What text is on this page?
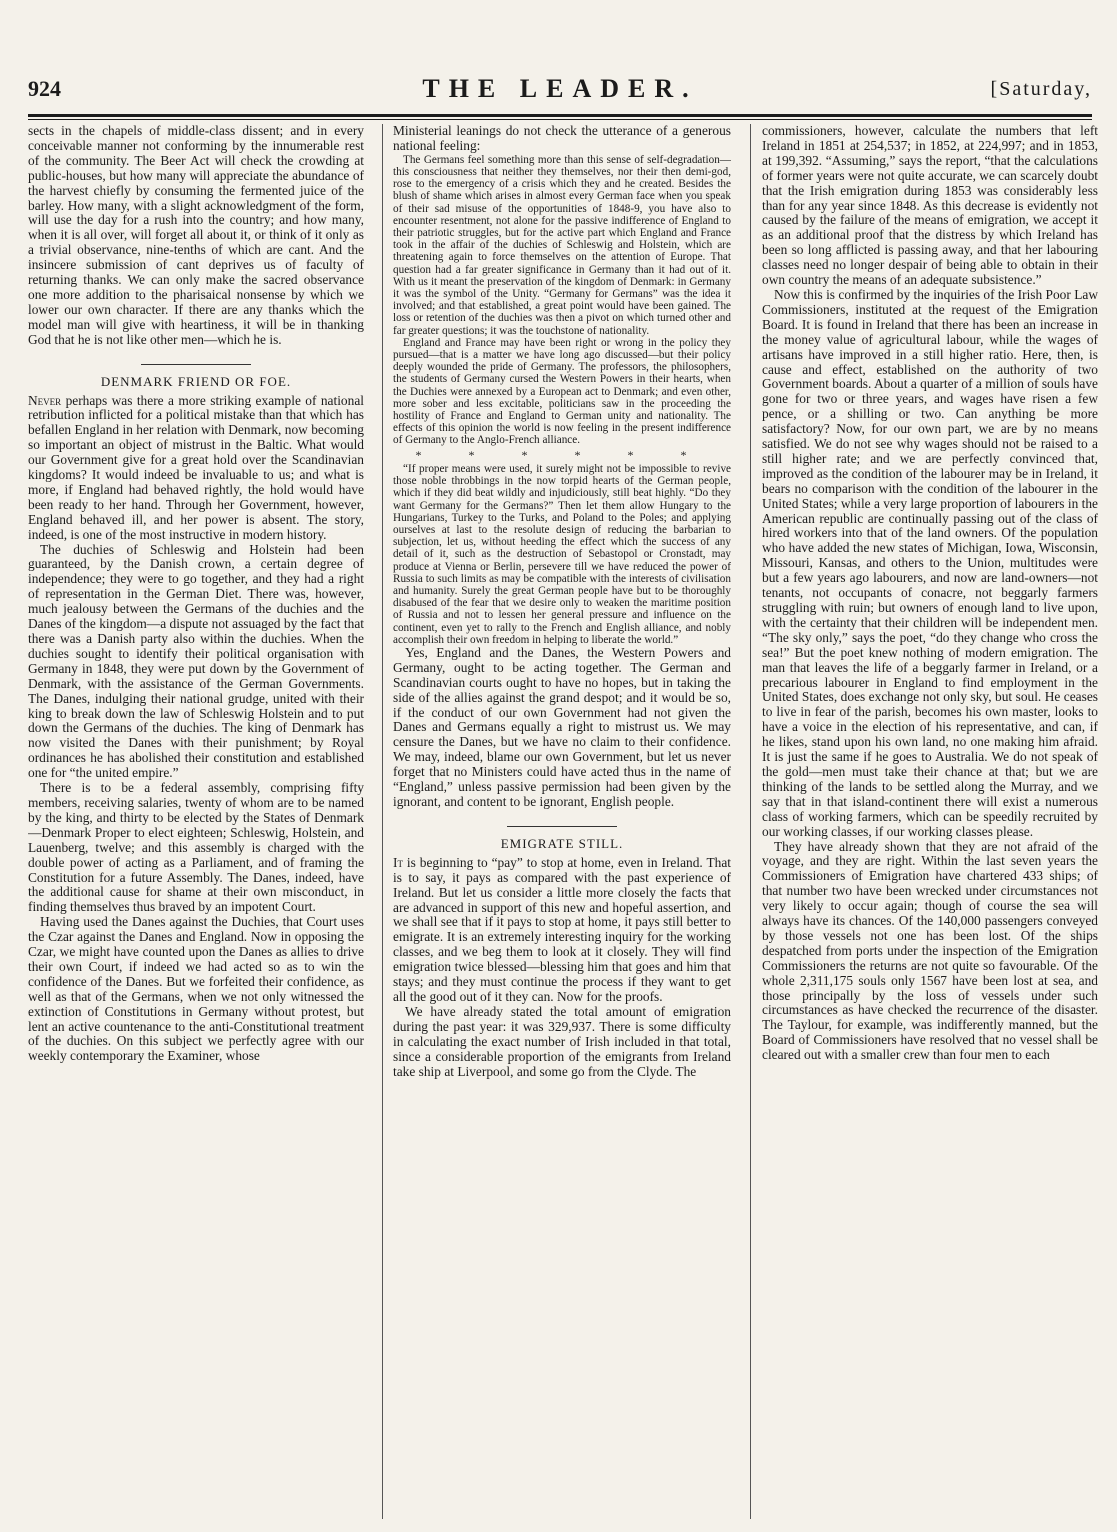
924	THE LEADER.	[Saturday,

sects in the chapels of middle-class dissent; and in every conceivable manner not conforming by the innumerable rest of the community. The Beer Act will check the crowding at public-houses, but how many will appreciate the abundance of the harvest chiefly by consuming the fermented juice of the barley. How many, with a slight acknowledgment of the form, will use the day for a rush into the country; and how many, when it is all over, will forget all about it, or think of it only as a trivial observance, nine-tenths of which are cant. And the insincere submission of cant deprives us of faculty of returning thanks. We can only make the sacred observance one more addition to the pharisaical nonsense by which we lower our own character. If there are any thanks which the model man will give with heartiness, it will be in thanking God that he is not like other men—which he is.

DENMARK FRIEND OR FOE.

Never perhaps was there a more striking example of national retribution inflicted for a political mistake than that which has befallen England in her relation with Denmark, now becoming so important an object of mistrust in the Baltic. What would our Government give for a great hold over the Scandinavian kingdoms? It would indeed be invaluable to us; and what is more, if England had behaved rightly, the hold would have been ready to her hand. Through her Government, however, England behaved ill, and her power is absent. The story, indeed, is one of the most instructive in modern history.

The duchies of Schleswig and Holstein had been guaranteed, by the Danish crown, a certain degree of independence; they were to go together, and they had a right of representation in the German Diet. There was, however, much jealousy between the Germans of the duchies and the Danes of the kingdom—a dispute not assuaged by the fact that there was a Danish party also within the duchies. When the duchies sought to identify their political organisation with Germany in 1848, they were put down by the Government of Denmark, with the assistance of the German Governments. The Danes, indulging their national grudge, united with their king to break down the law of Schleswig Holstein and to put down the Germans of the duchies. The king of Denmark has now visited the Danes with their punishment; by Royal ordinances he has abolished their constitution and established one for “the united empire.”

There is to be a federal assembly, comprising fifty members, receiving salaries, twenty of whom are to be named by the king, and thirty to be elected by the States of Denmark—Denmark Proper to elect eighteen; Schleswig, Holstein, and Lauenberg, twelve; and this assembly is charged with the double power of acting as a Parliament, and of framing the Constitution for a future Assembly. The Danes, indeed, have the additional cause for shame at their own misconduct, in finding themselves thus braved by an impotent Court.

Having used the Danes against the Duchies, that Court uses the Czar against the Danes and England. Now in opposing the Czar, we might have counted upon the Danes as allies to drive their own Court, if indeed we had acted so as to win the confidence of the Danes. But we forfeited their confidence, as well as that of the Germans, when we not only witnessed the extinction of Constitutions in Germany without protest, but lent an active countenance to the anti-Constitutional treatment of the duchies. On this subject we perfectly agree with our weekly contemporary the Examiner, whose

Ministerial leanings do not check the utterance of a generous national feeling:

The Germans feel something more than this sense of self-degradation—this consciousness that neither they themselves, nor their then demi-god, rose to the emergency of a crisis which they and he created. Besides the blush of shame which arises in almost every German face when you speak of their sad misuse of the opportunities of 1848-9, you have also to encounter resentment, not alone for the passive indifference of England to their patriotic struggles, but for the active part which England and France took in the affair of the duchies of Schleswig and Holstein, which are threatening again to force themselves on the attention of Europe. That question had a far greater significance in Germany than it had out of it. With us it meant the preservation of the kingdom of Denmark: in Germany it was the symbol of the Unity. “Germany for Germans” was the idea it involved; and that established, a great point would have been gained. The loss or retention of the duchies was then a pivot on which turned other and far greater questions; it was the touchstone of nationality.

England and France may have been right or wrong in the policy they pursued—that is a matter we have long ago discussed—but their policy deeply wounded the pride of Germany. The professors, the philosophers, the students of Germany cursed the Western Powers in their hearts, when the Duchies were annexed by a European act to Denmark; and even other, more sober and less excitable, politicians saw in the proceeding the hostility of France and England to German unity and nationality. The effects of this opinion the world is now feeling in the present indifference of Germany to the Anglo-French alliance.

* * * * * *

“If proper means were used, it surely might not be impossible to revive those noble throbbings in the now torpid hearts of the German people, which if they did beat wildly and injudiciously, still beat highly. “Do they want Germany for the Germans?” Then let them allow Hungary to the Hungarians, Turkey to the Turks, and Poland to the Poles; and applying ourselves at last to the resolute design of reducing the barbarian to subjection, let us, without heeding the effect which the success of any detail of it, such as the destruction of Sebastopol or Cronstadt, may produce at Vienna or Berlin, persevere till we have reduced the power of Russia to such limits as may be compatible with the interests of civilisation and humanity. Surely the great German people have but to be thoroughly disabused of the fear that we desire only to weaken the maritime position of Russia and not to lessen her general pressure and influence on the continent, even yet to rally to the French and English alliance, and nobly accomplish their own freedom in helping to liberate the world.”

Yes, England and the Danes, the Western Powers and Germany, ought to be acting together. The German and Scandinavian courts ought to have no hopes, but in taking the side of the allies against the grand despot; and it would be so, if the conduct of our own Government had not given the Danes and Germans equally a right to mistrust us. We may censure the Danes, but we have no claim to their confidence. We may, indeed, blame our own Government, but let us never forget that no Ministers could have acted thus in the name of “England,” unless passive permission had been given by the ignorant, and content to be ignorant, English people.

EMIGRATE STILL.

It is beginning to “pay” to stop at home, even in Ireland. That is to say, it pays as compared with the past experience of Ireland. But let us consider a little more closely the facts that are advanced in support of this new and hopeful assertion, and we shall see that if it pays to stop at home, it pays still better to emigrate. It is an extremely interesting inquiry for the working classes, and we beg them to look at it closely. They will find emigration twice blessed—blessing him that goes and him that stays; and they must continue the process if they want to get all the good out of it they can. Now for the proofs.

We have already stated the total amount of emigration during the past year: it was 329,937. There is some difficulty in calculating the exact number of Irish included in that total, since a considerable proportion of the emigrants from Ireland take ship at Liverpool, and some go from the Clyde. The

commissioners, however, calculate the numbers that left Ireland in 1851 at 254,537; in 1852, at 224,997; and in 1853, at 199,392. “Assuming,” says the report, “that the calculations of former years were not quite accurate, we can scarcely doubt that the Irish emigration during 1853 was considerably less than for any year since 1848. As this decrease is evidently not caused by the failure of the means of emigration, we accept it as an additional proof that the distress by which Ireland has been so long afflicted is passing away, and that her labouring classes need no longer despair of being able to obtain in their own country the means of an adequate subsistence.”

Now this is confirmed by the inquiries of the Irish Poor Law Commissioners, instituted at the request of the Emigration Board. It is found in Ireland that there has been an increase in the money value of agricultural labour, while the wages of artisans have improved in a still higher ratio. Here, then, is cause and effect, established on the authority of two Government boards. About a quarter of a million of souls have gone for two or three years, and wages have risen a few pence, or a shilling or two. Can anything be more satisfactory? Now, for our own part, we are by no means satisfied. We do not see why wages should not be raised to a still higher rate; and we are perfectly convinced that, improved as the condition of the labourer may be in Ireland, it bears no comparison with the condition of the labourer in the United States; while a very large proportion of labourers in the American republic are continually passing out of the class of hired workers into that of the land owners. Of the population who have added the new states of Michigan, Iowa, Wisconsin, Missouri, Kansas, and others to the Union, multitudes were but a few years ago labourers, and now are land-owners—not tenants, not occupants of conacre, not beggarly farmers struggling with ruin; but owners of enough land to live upon, with the certainty that their children will be independent men. “The sky only,” says the poet, “do they change who cross the sea!” But the poet knew nothing of modern emigration. The man that leaves the life of a beggarly farmer in Ireland, or a precarious labourer in England to find employment in the United States, does exchange not only sky, but soul. He ceases to live in fear of the parish, becomes his own master, looks to have a voice in the election of his representative, and can, if he likes, stand upon his own land, no one making him afraid. It is just the same if he goes to Australia. We do not speak of the gold—men must take their chance at that; but we are thinking of the lands to be settled along the Murray, and we say that in that island-continent there will exist a numerous class of working farmers, which can be speedily recruited by our working classes, if our working classes please.

They have already shown that they are not afraid of the voyage, and they are right. Within the last seven years the Commissioners of Emigration have chartered 433 ships; of that number two have been wrecked under circumstances not very likely to occur again; though of course the sea will always have its chances. Of the 140,000 passengers conveyed by those vessels not one has been lost. Of the ships despatched from ports under the inspection of the Emigration Commissioners the returns are not quite so favourable. Of the whole 2,311,175 souls only 1567 have been lost at sea, and those principally by the loss of vessels under such circumstances as have checked the recurrence of the disaster. The Taylour, for example, was indifferently manned, but the Board of Commissioners have resolved that no vessel shall be cleared out with a smaller crew than four men to each
